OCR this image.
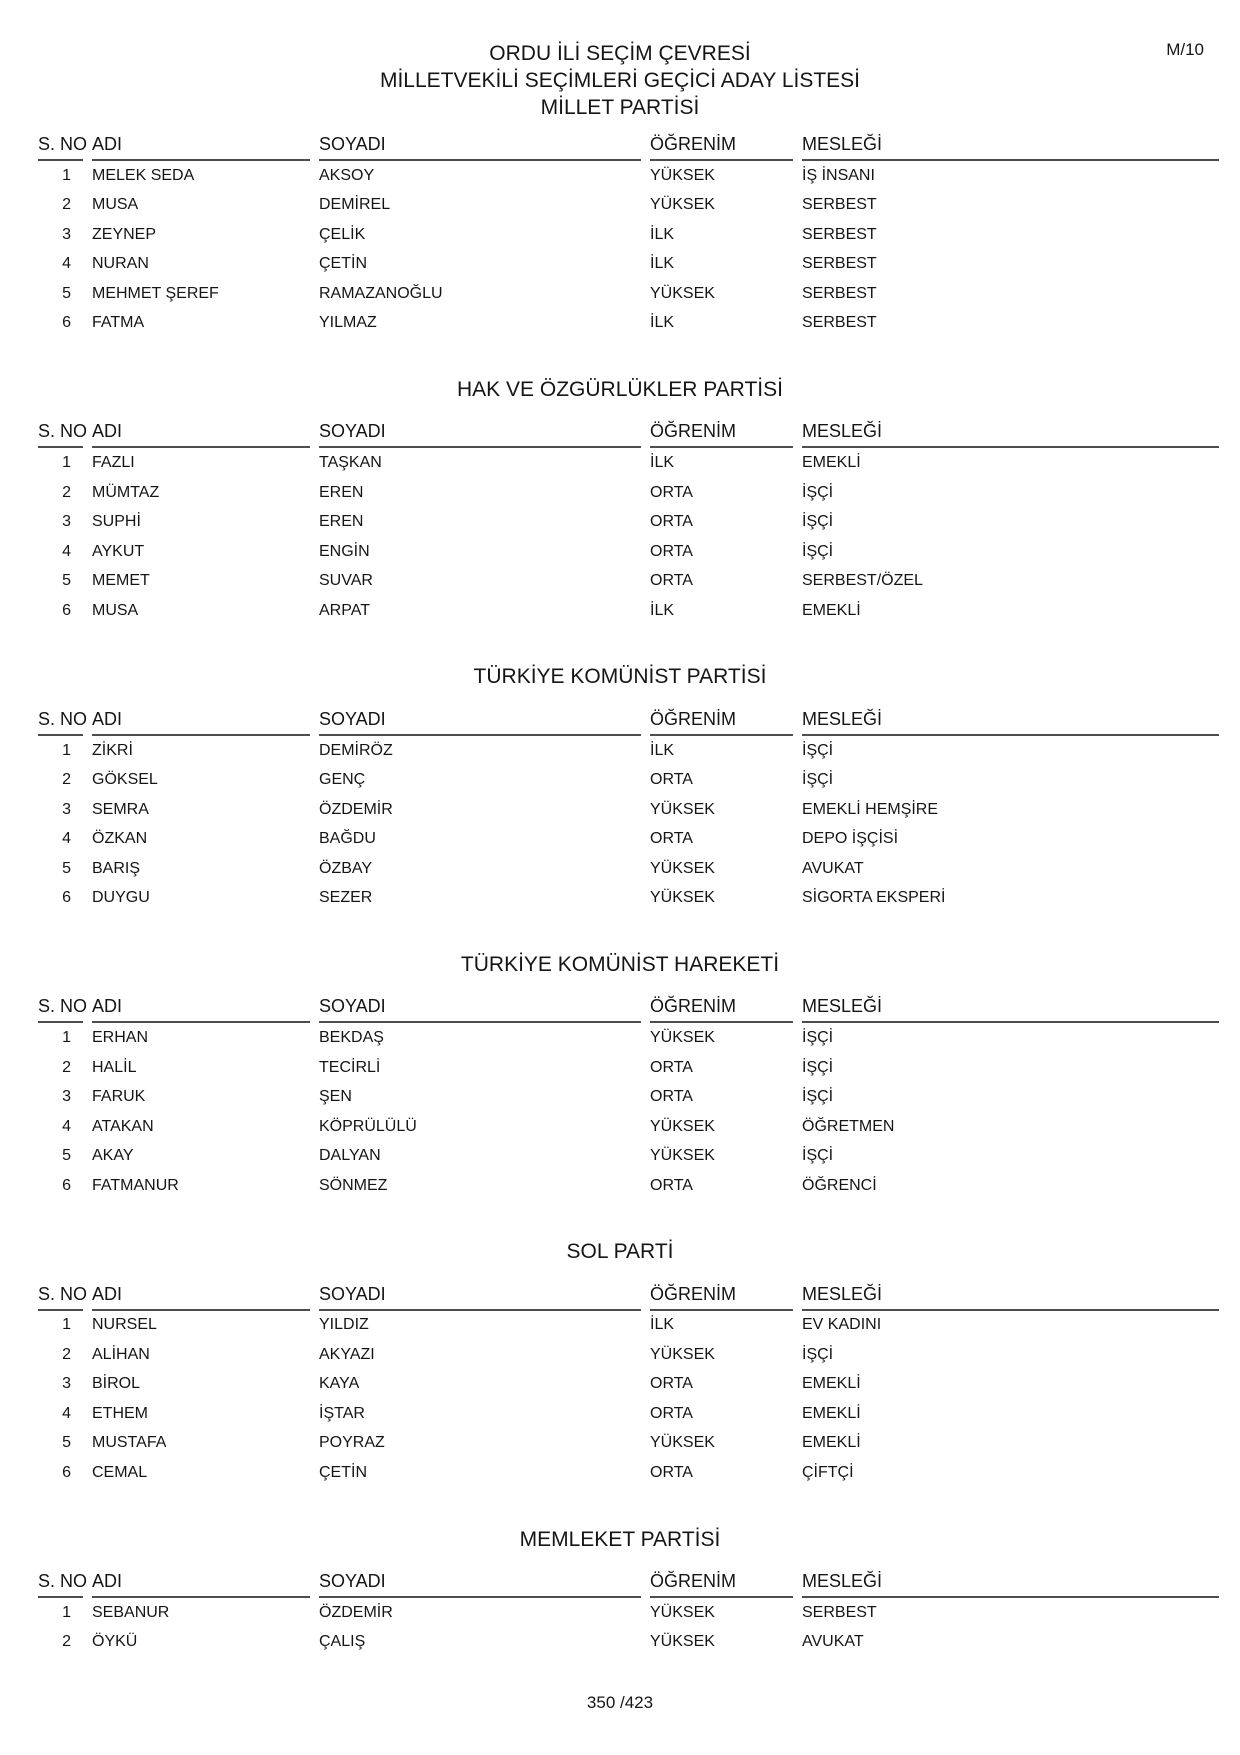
M/10
ORDU İLİ SEÇİM ÇEVRESİ
MİLLETVEKİLİ SEÇİMLERİ GEÇİCİ ADAY LİSTESİ
MİLLET PARTİSİ
S. NO ADI	SOYADI	ÖĞRENİM	MESLEĞİ
1	MELEK SEDA	AKSOY	YÜKSEK	İŞ İNSANI
2	MUSA	DEMİREL	YÜKSEK	SERBEST
3	ZEYNEP	ÇELİK	İLK	SERBEST
4	NURAN	ÇETİN	İLK	SERBEST
5	MEHMET ŞEREF	RAMAZANOĞLU	YÜKSEK	SERBEST
6	FATMA	YILMAZ	İLK	SERBEST
HAK VE ÖZGÜRLÜKLER PARTİSİ
S. NO ADI	SOYADI	ÖĞRENİM	MESLEĞİ
1	FAZLI	TAŞKAN	İLK	EMEKLİ
2	MÜMTAZ	EREN	ORTA	İŞÇİ
3	SUPHİ	EREN	ORTA	İŞÇİ
4	AYKUT	ENGİN	ORTA	İŞÇİ
5	MEMET	SUVAR	ORTA	SERBEST/ÖZEL
6	MUSA	ARPAT	İLK	EMEKLİ
TÜRKİYE KOMÜNİST PARTİSİ
S. NO ADI	SOYADI	ÖĞRENİM	MESLEĞİ
1	ZİKRİ	DEMİRÖZ	İLK	İŞÇİ
2	GÖKSEL	GENÇ	ORTA	İŞÇİ
3	SEMRA	ÖZDEMİR	YÜKSEK	EMEKLİ HEMŞİRE
4	ÖZKAN	BAĞDU	ORTA	DEPO İŞÇİSİ
5	BARIŞ	ÖZBAY	YÜKSEK	AVUKAT
6	DUYGU	SEZER	YÜKSEK	SİGORTA EKSPERİ
TÜRKİYE KOMÜNİST HAREKETİ
S. NO ADI	SOYADI	ÖĞRENİM	MESLEĞİ
1	ERHAN	BEKDAŞ	YÜKSEK	İŞÇİ
2	HALİL	TECİRLİ	ORTA	İŞÇİ
3	FARUK	ŞEN	ORTA	İŞÇİ
4	ATAKAN	KÖPRÜLÜLÜ	YÜKSEK	ÖĞRETMEN
5	AKAY	DALYAN	YÜKSEK	İŞÇİ
6	FATMANUR	SÖNMEZ	ORTA	ÖĞRENCİ
SOL PARTİ
S. NO ADI	SOYADI	ÖĞRENİM	MESLEĞİ
1	NURSEL	YILDIZ	İLK	EV KADINI
2	ALİHAN	AKYAZI	YÜKSEK	İŞÇİ
3	BİROL	KAYA	ORTA	EMEKLİ
4	ETHEM	İŞTAR	ORTA	EMEKLİ
5	MUSTAFA	POYRAZ	YÜKSEK	EMEKLİ
6	CEMAL	ÇETİN	ORTA	ÇİFTÇİ
MEMLEKET PARTİSİ
S. NO ADI	SOYADI	ÖĞRENİM	MESLEĞİ
1	SEBANUR	ÖZDEMİR	YÜKSEK	SERBEST
2	ÖYKÜ	ÇALIŞ	YÜKSEK	AVUKAT
350 /423
